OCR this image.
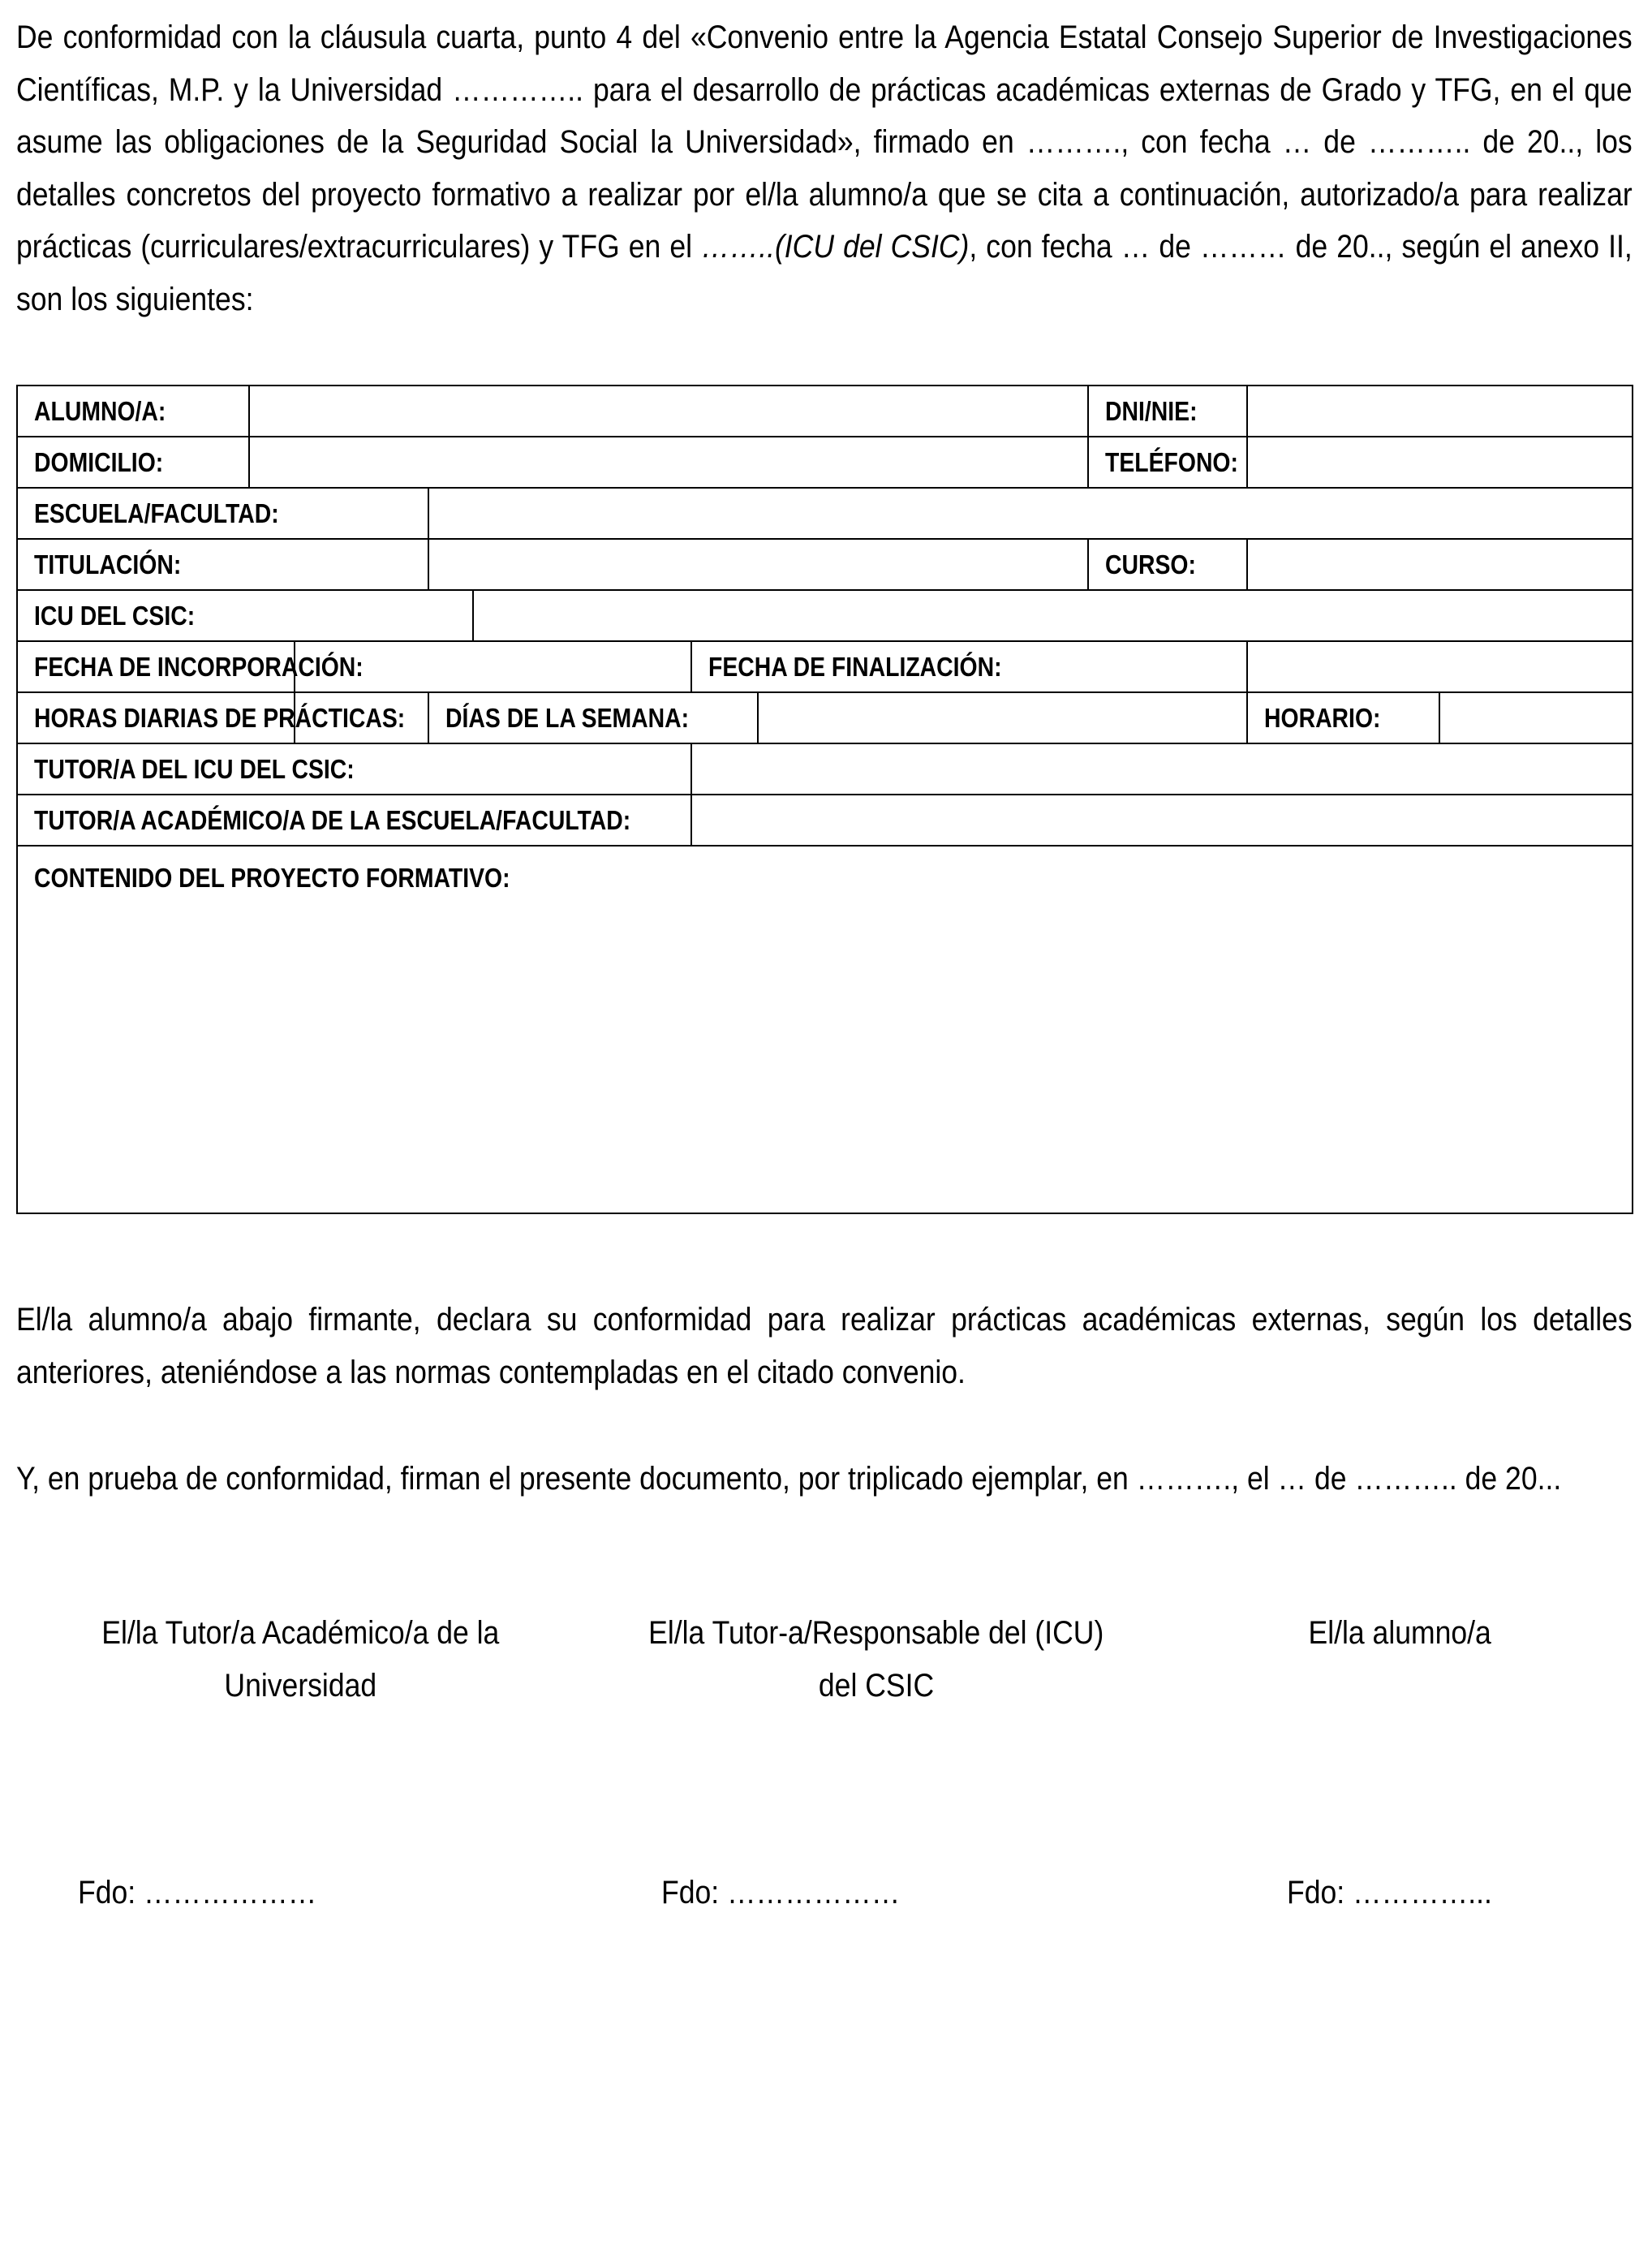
De conformidad con la cláusula cuarta, punto 4 del «Convenio entre la Agencia Estatal Consejo Superior de Investigaciones Científicas, M.P. y la Universidad ………….. para el desarrollo de prácticas académicas externas de Grado y TFG, en el que asume las obligaciones de la Seguridad Social la Universidad», firmado en ………., con fecha … de ……….. de 20.., los detalles concretos del proyecto formativo a realizar por el/la alumno/a que se cita a continuación, autorizado/a para realizar prácticas (curriculares/extracurriculares) y TFG en el ……..(ICU del CSIC), con fecha … de ……… de 20.., según el anexo II, son los siguientes:

ALUMNO/A:							DNI/NIE:		
DOMICILIO:							TELÉFONO:		
ESCUELA/FACULTAD:									
TITULACIÓN:							CURSO:		
ICU DEL CSIC:									
FECHA DE INCORPORACIÓN:					FECHA DE FINALIZACIÓN:				
HORAS DIARIAS DE PRÁCTICAS:			DÍAS DE LA SEMANA:					HORARIO:	
TUTOR/A DEL ICU DEL CSIC:									
TUTOR/A ACADÉMICO/A DE LA ESCUELA/FACULTAD:									
CONTENIDO DEL PROYECTO FORMATIVO:									

El/la alumno/a abajo firmante, declara su conformidad para realizar prácticas académicas externas, según los detalles anteriores, ateniéndose a las normas contempladas en el citado convenio.

Y, en prueba de conformidad, firman el presente documento, por triplicado ejemplar, en ………., el … de ……….. de 20...

El/la Tutor/a Académico/a de la
Universidad
El/la Tutor-a/Responsable del (ICU)
del CSIC
El/la alumno/a
Fdo: ………………	Fdo: ………………	Fdo: …………...
